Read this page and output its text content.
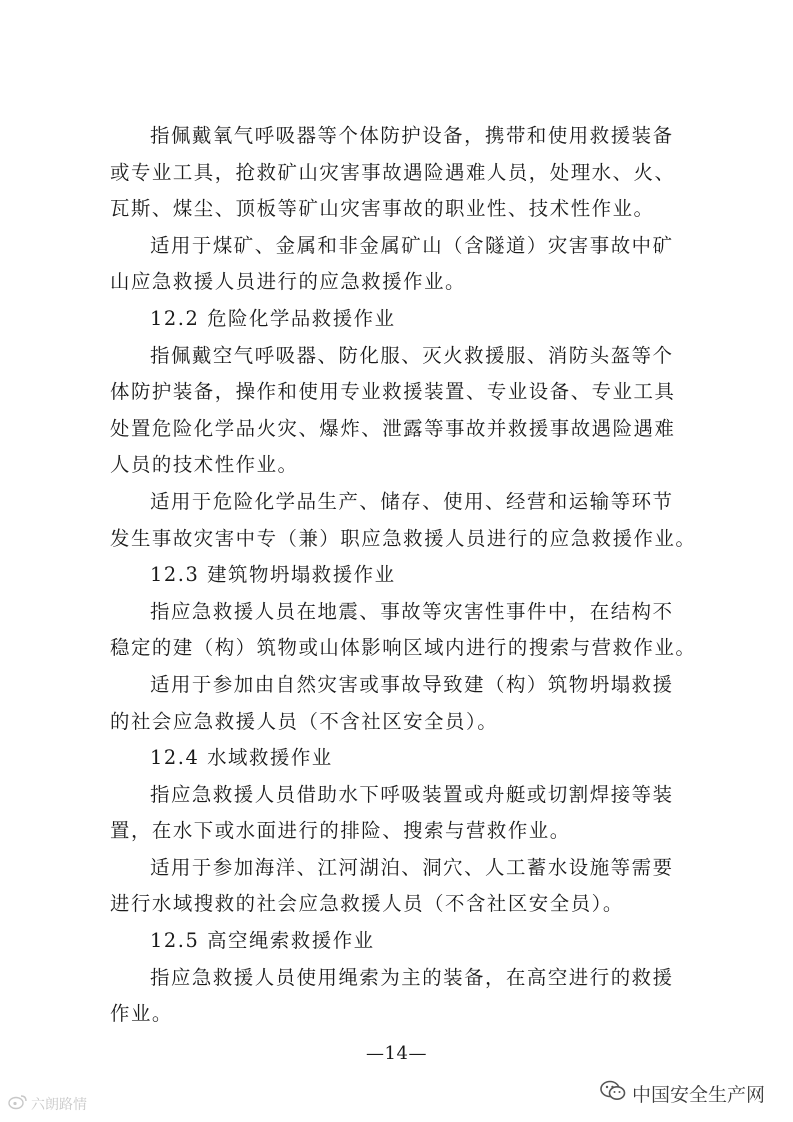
指佩戴氧气呼吸器等个体防护设备，携带和使用救援装备
或专业工具，抢救矿山灾害事故遇险遇难人员，处理水、火、
瓦斯、煤尘、顶板等矿山灾害事故的职业性、技术性作业。
适用于煤矿、金属和非金属矿山（含隧道）灾害事故中矿
山应急救援人员进行的应急救援作业。
12.2 危险化学品救援作业
指佩戴空气呼吸器、防化服、灭火救援服、消防头盔等个
体防护装备，操作和使用专业救援装置、专业设备、专业工具
处置危险化学品火灾、爆炸、泄露等事故并救援事故遇险遇难
人员的技术性作业。
适用于危险化学品生产、储存、使用、经营和运输等环节
发生事故灾害中专（兼）职应急救援人员进行的应急救援作业。
12.3 建筑物坍塌救援作业
指应急救援人员在地震、事故等灾害性事件中，在结构不
稳定的建（构）筑物或山体影响区域内进行的搜索与营救作业。
适用于参加由自然灾害或事故导致建（构）筑物坍塌救援
的社会应急救援人员（不含社区安全员）。
12.4 水域救援作业
指应急救援人员借助水下呼吸装置或舟艇或切割焊接等装
置，在水下或水面进行的排险、搜索与营救作业。
适用于参加海洋、江河湖泊、洞穴、人工蓄水设施等需要
进行水域搜救的社会应急救援人员（不含社区安全员）。
12.5 高空绳索救援作业
指应急救援人员使用绳索为主的装备，在高空进行的救援
作业。
—14—
中国安全生产网
六朗路情
